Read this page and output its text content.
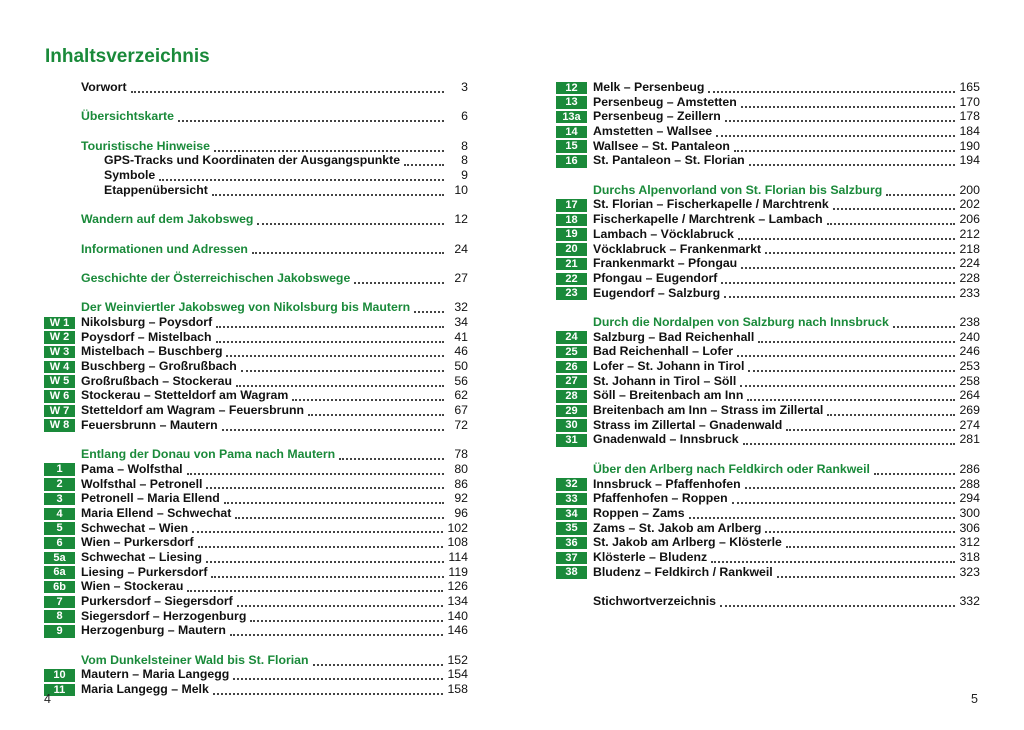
Inhaltsverzeichnis
Vorwort	3
Übersichtskarte	6
Touristische Hinweise	8
GPS-Tracks und Koordinaten der Ausgangspunkte	8
Symbole	9
Etappenübersicht	10
Wandern auf dem Jakobsweg	12
Informationen und Adressen	24
Geschichte der Österreichischen Jakobswege	27
Der Weinviertler Jakobsweg von Nikolsburg bis Mautern	32
W 1 Nikolsburg – Poysdorf	34
W 2 Poysdorf – Mistelbach	41
W 3 Mistelbach – Buschberg	46
W 4 Buschberg – Großrußbach	50
W 5 Großrußbach – Stockerau	56
W 6 Stockerau – Stetteldorf am Wagram	62
W 7 Stetteldorf am Wagram – Feuersbrunn	67
W 8 Feuersbrunn – Mautern	72
Entlang der Donau von Pama nach Mautern	78
1	Pama – Wolfsthal	80
2	Wolfsthal – Petronell	86
3	Petronell – Maria Ellend	92
4	Maria Ellend – Schwechat	96
5	Schwechat – Wien	102
6	Wien – Purkersdorf	108
5a	Schwechat – Liesing	114
6a	Liesing – Purkersdorf	119
6b	Wien – Stockerau	126
7	Purkersdorf – Siegersdorf	134
8	Siegersdorf – Herzogenburg	140
9	Herzogenburg – Mautern	146
Vom Dunkelsteiner Wald bis St. Florian	152
10	Mautern – Maria Langegg	154
11	Maria Langegg – Melk	158
4
12	Melk – Persenbeug	165
13	Persenbeug – Amstetten	170
13a	Persenbeug – Zeillern	178
14	Amstetten – Wallsee	184
15	Wallsee – St. Pantaleon	190
16	St. Pantaleon – St. Florian	194
Durchs Alpenvorland von St. Florian bis Salzburg	200
17	St. Florian – Fischerkapelle / Marchtrenk	202
18	Fischerkapelle / Marchtrenk – Lambach	206
19	Lambach – Vöcklabruck	212
20	Vöcklabruck – Frankenmarkt	218
21	Frankenmarkt – Pfongau	224
22	Pfongau – Eugendorf	228
23	Eugendorf – Salzburg	233
Durch die Nordalpen von Salzburg nach Innsbruck	238
24	Salzburg – Bad Reichenhall	240
25	Bad Reichenhall – Lofer	246
26	Lofer – St. Johann in Tirol	253
27	St. Johann in Tirol – Söll	258
28	Söll – Breitenbach am Inn	264
29	Breitenbach am Inn – Strass im Zillertal	269
30	Strass im Zillertal – Gnadenwald	274
31	Gnadenwald – Innsbruck	281
Über den Arlberg nach Feldkirch oder Rankweil	286
32	Innsbruck – Pfaffenhofen	288
33	Pfaffenhofen – Roppen	294
34	Roppen – Zams	300
35	Zams – St. Jakob am Arlberg	306
36	St. Jakob am Arlberg – Klösterle	312
37	Klösterle – Bludenz	318
38	Bludenz – Feldkirch / Rankweil	323
Stichwortverzeichnis	332
5
